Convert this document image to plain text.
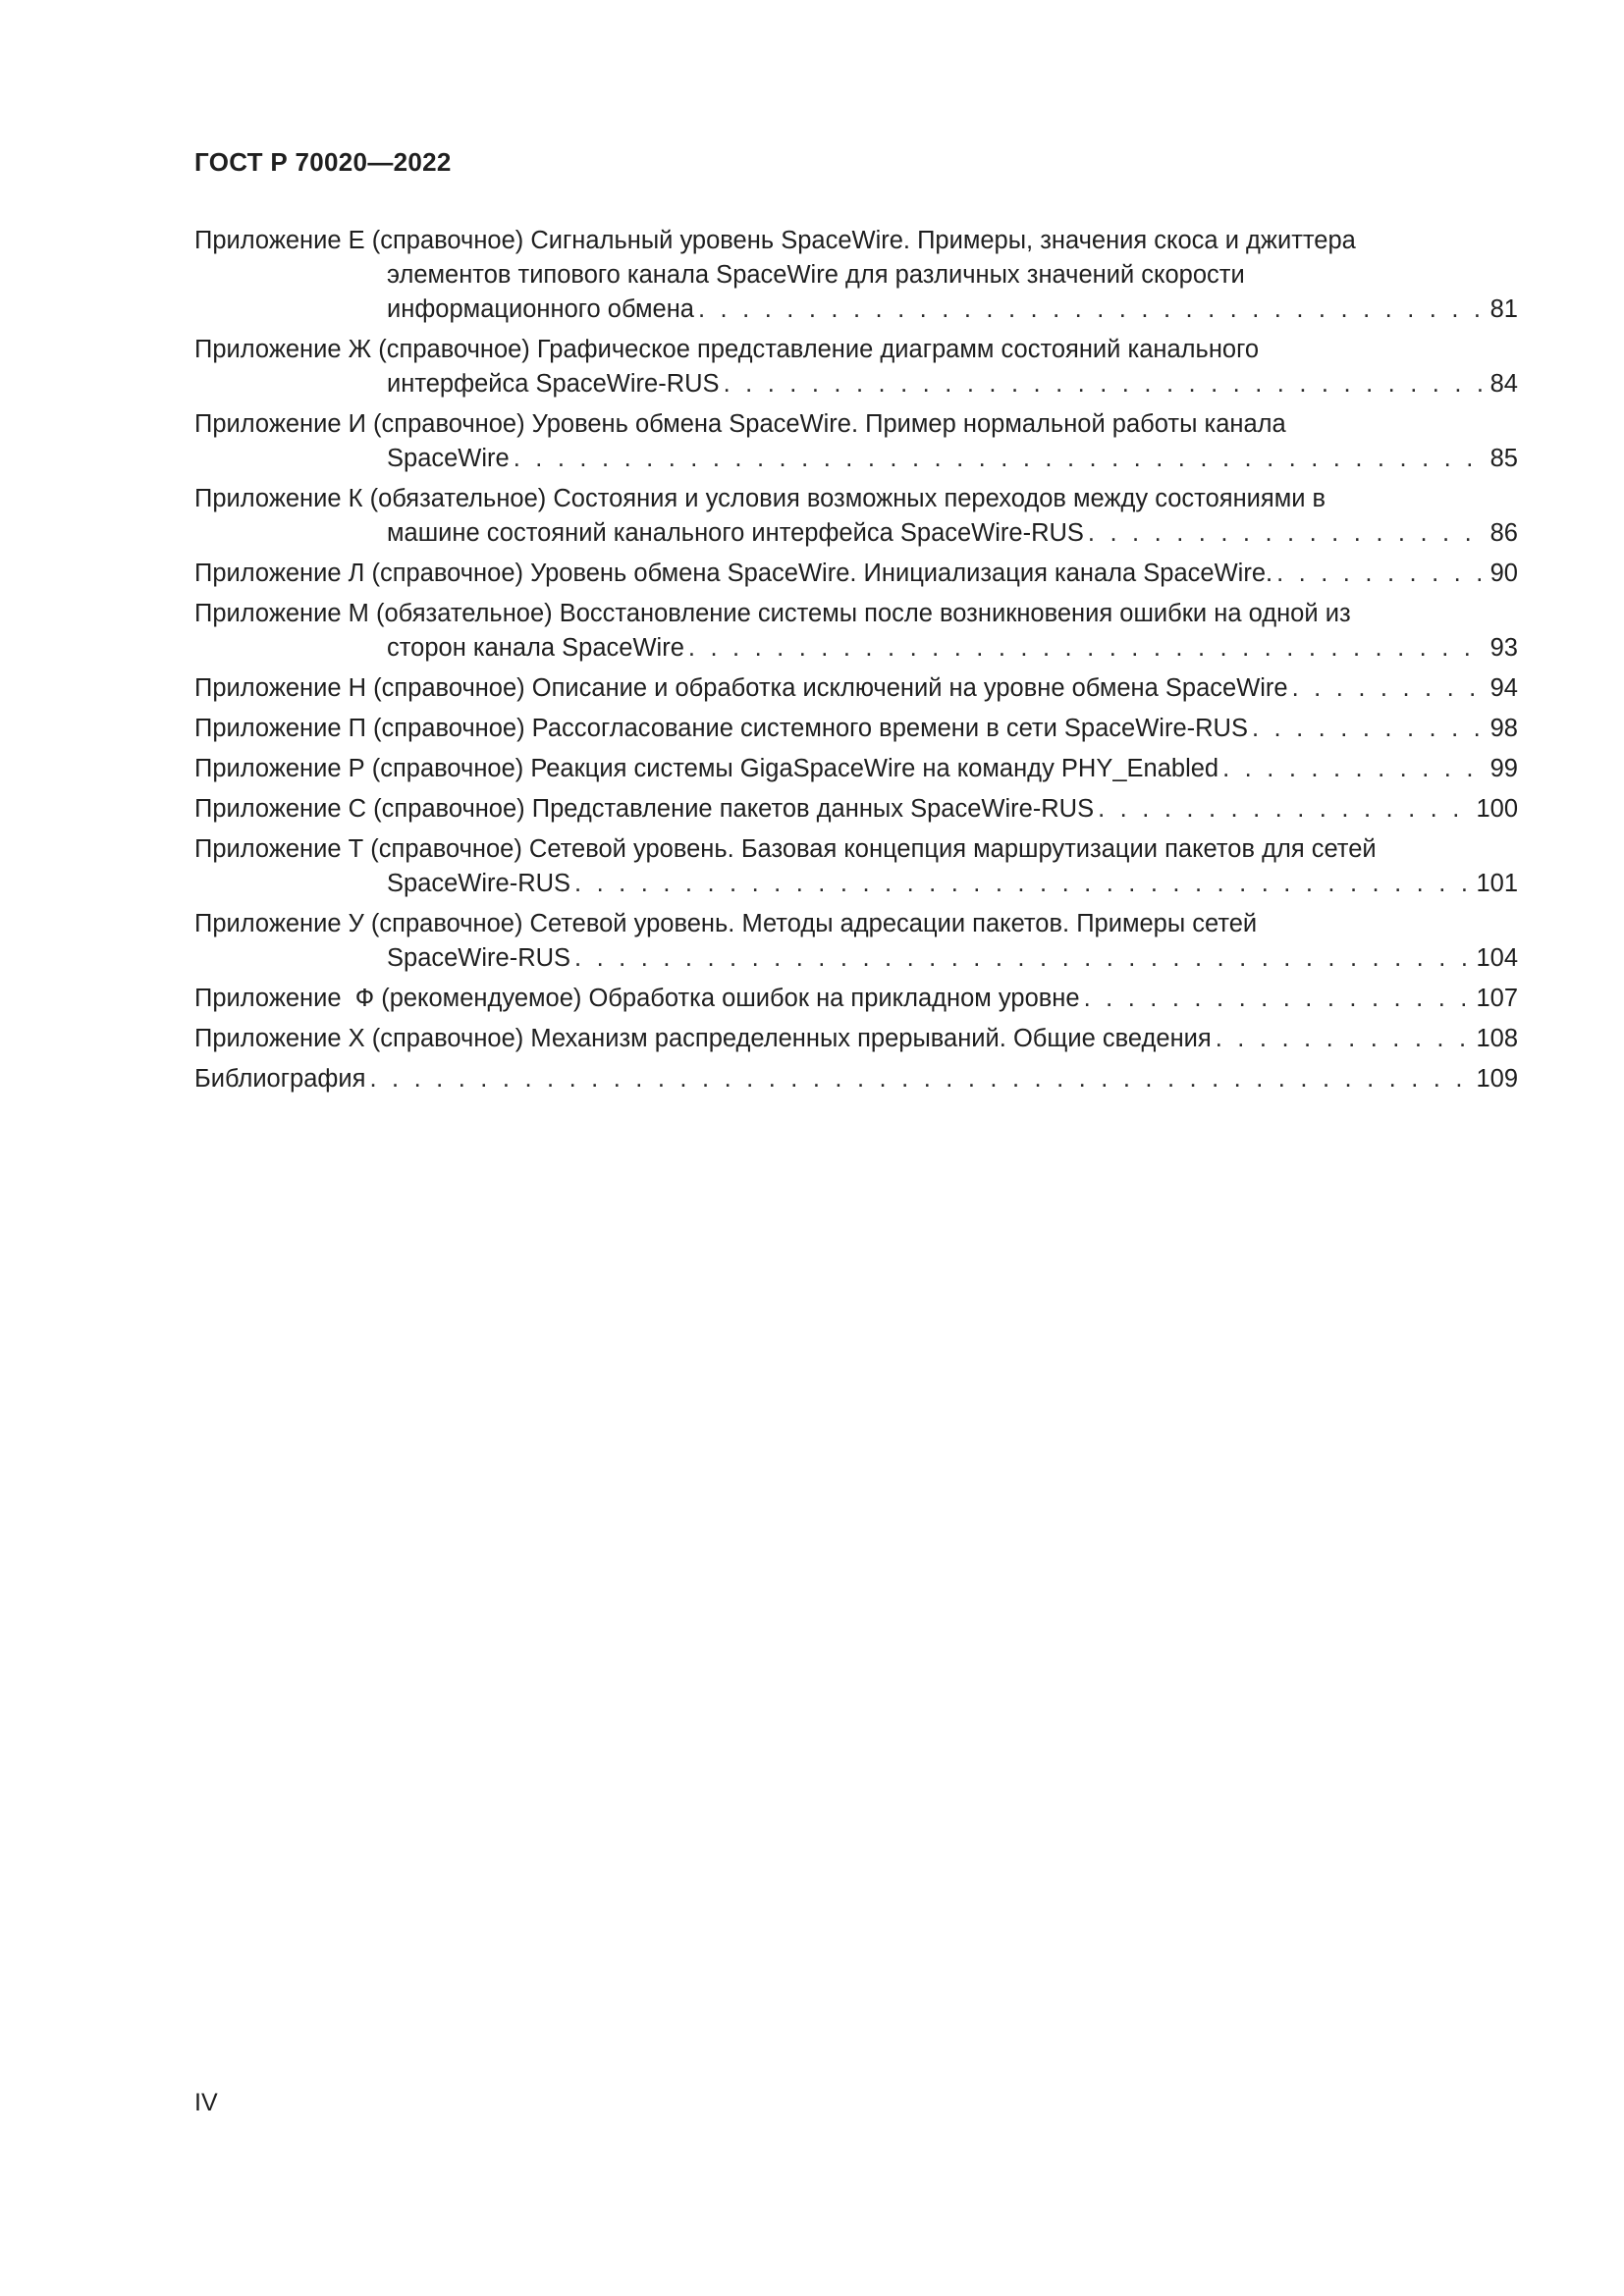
ГОСТ Р 70020—2022
Приложение Е (справочное) Сигнальный уровень SpaceWire. Примеры, значения скоса и джиттера
элементов типового канала SpaceWire для различных значений скорости
информационного обмена . . .	81
Приложение Ж (справочное) Графическое представление диаграмм состояний канального
интерфейса SpaceWire-RUS . . .	84
Приложение И (справочное) Уровень обмена SpaceWire. Пример нормальной работы канала
SpaceWire . . .	85
Приложение К (обязательное) Состояния и условия возможных переходов между состояниями в
машине состояний канального интерфейса SpaceWire-RUS . . .	86
Приложение Л (справочное) Уровень обмена SpaceWire. Инициализация канала SpaceWire. . . .	90
Приложение М (обязательное) Восстановление системы после возникновения ошибки на одной из
сторон канала SpaceWire . . .	93
Приложение Н (справочное) Описание и обработка исключений на уровне обмена SpaceWire . . .	94
Приложение П (справочное) Рассогласование системного времени в сети SpaceWire-RUS . . .	98
Приложение Р (справочное) Реакция системы GigaSpaceWire на команду PHY_Enabled . . .	99
Приложение С (справочное) Представление пакетов данных SpaceWire-RUS . . .	100
Приложение Т (справочное) Сетевой уровень. Базовая концепция маршрутизации пакетов для сетей
SpaceWire-RUS . . .	101
Приложение У (справочное) Сетевой уровень. Методы адресации пакетов. Примеры сетей
SpaceWire-RUS . . .	104
Приложение  Ф (рекомендуемое) Обработка ошибок на прикладном уровне . . .	107
Приложение Х (справочное) Механизм распределенных прерываний. Общие сведения . . .	108
Библиография . . .	109
IV
